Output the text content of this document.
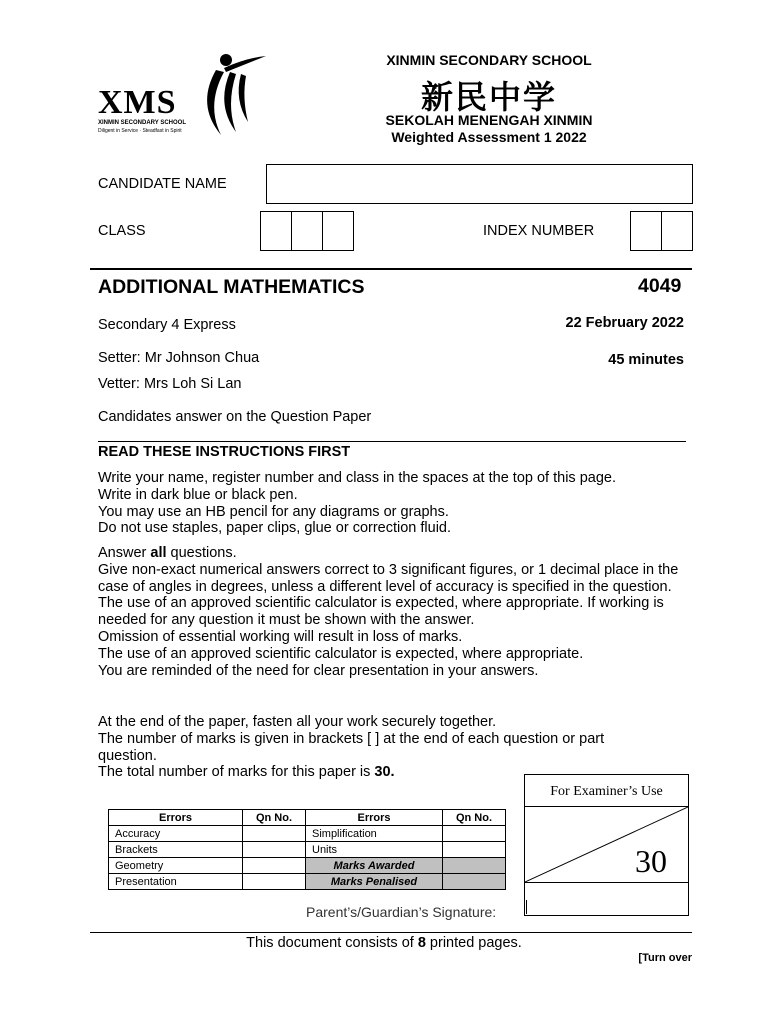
XMS
XINMIN SECONDARY SCHOOL
Diligent in Service · Steadfast in Spirit
XINMIN SECONDARY SCHOOL
新民中学
SEKOLAH MENENGAH XINMIN
Weighted Assessment 1 2022
CANDIDATE NAME
CLASS	INDEX NUMBER
ADDITIONAL MATHEMATICS	4049
Secondary 4 Express	22 February 2022
Setter: Mr Johnson Chua	45 minutes
Vetter: Mrs Loh Si Lan
Candidates answer on the Question Paper
READ THESE INSTRUCTIONS FIRST

Write your name, register number and class in the spaces at the top of this page.

Write in dark blue or black pen.

You may use an HB pencil for any diagrams or graphs.

Do not use staples, paper clips, glue or correction fluid.

Answer all questions.

Give non-exact numerical answers correct to 3 significant figures, or 1 decimal place in the case of angles in degrees, unless a different level of accuracy is specified in the question.

The use of an approved scientific calculator is expected, where appropriate. If working is needed for any question it must be shown with the answer.

Omission of essential working will result in loss of marks.

The use of an approved scientific calculator is expected, where appropriate.

You are reminded of the need for clear presentation in your answers.

At the end of the paper, fasten all your work securely together.

The number of marks is given in brackets [ ] at the end of each question or part question.

The total number of marks for this paper is 30.

Errors	Qn No.	Errors	Qn No.
Accuracy		Simplification	
Brackets		Units	
Geometry		Marks Awarded	
Presentation		Marks Penalised	
For Examiner’s Use
30
Parent’s/Guardian’s Signature:
This document consists of 8 printed pages.
[Turn over
